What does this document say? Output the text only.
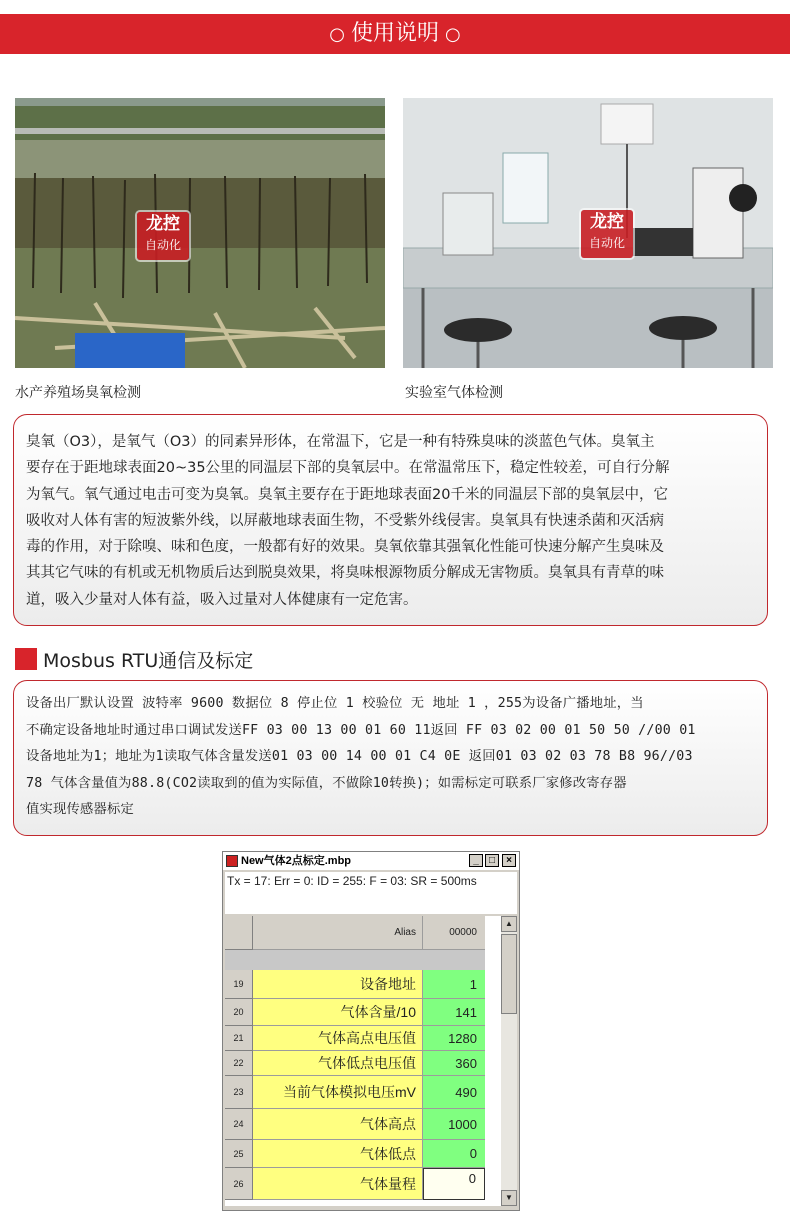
○ 使用说明 ○
龙控
自动化
水产养殖场臭氧检测
龙控
自动化
实验室气体检测

臭氧（O3），是氧气（O3）的同素异形体，在常温下，它是一种有特殊臭味的淡蓝色气体。臭氧主

要存在于距地球表面20~35公里的同温层下部的臭氧层中。在常温常压下，稳定性较差，可自行分解

为氧气。氧气通过电击可变为臭氧。臭氧主要存在于距地球表面20千米的同温层下部的臭氧层中，它

吸收对人体有害的短波紫外线，以屏蔽地球表面生物，不受紫外线侵害。臭氧具有快速杀菌和灭活病

毒的作用，对于除嗅、味和色度，一般都有好的效果。臭氧依靠其强氧化性能可快速分解产生臭味及

其其它气味的有机或无机物质后达到脱臭效果，将臭味根源物质分解成无害物质。臭氧具有青草的味

道，吸入少量对人体有益，吸入过量对人体健康有一定危害。

Mosbus RTU通信及标定

设备出厂默认设置 波特率 9600 数据位 8 停止位 1 校验位 无 地址 1 ，255为设备广播地址，当

不确定设备地址时通过串口调试发送FF 03 00 13 00 01 60 11返回 FF 03 02 00 01 50 50 //00 01

设备地址为1；地址为1读取气体含量发送01 03 00 14 00 01 C4 0E 返回01 03 02 03 78 B8 96//03

78 气体含量值为88.8(CO2读取到的值为实际值，不做除10转换)；如需标定可联系厂家修改寄存器

值实现传感器标定

New气体2点标定.mbp	_	□	×
Tx = 17: Err = 0: ID = 255: F = 03: SR = 500ms
Alias	00000
19	设备地址	1
20	气体含量/10	141
21	气体高点电压值	1280
22	气体低点电压值	360
23	当前气体模拟电压mV	490
24	气体高点	1000
25	气体低点	0
26	气体量程	0
▲
▼
